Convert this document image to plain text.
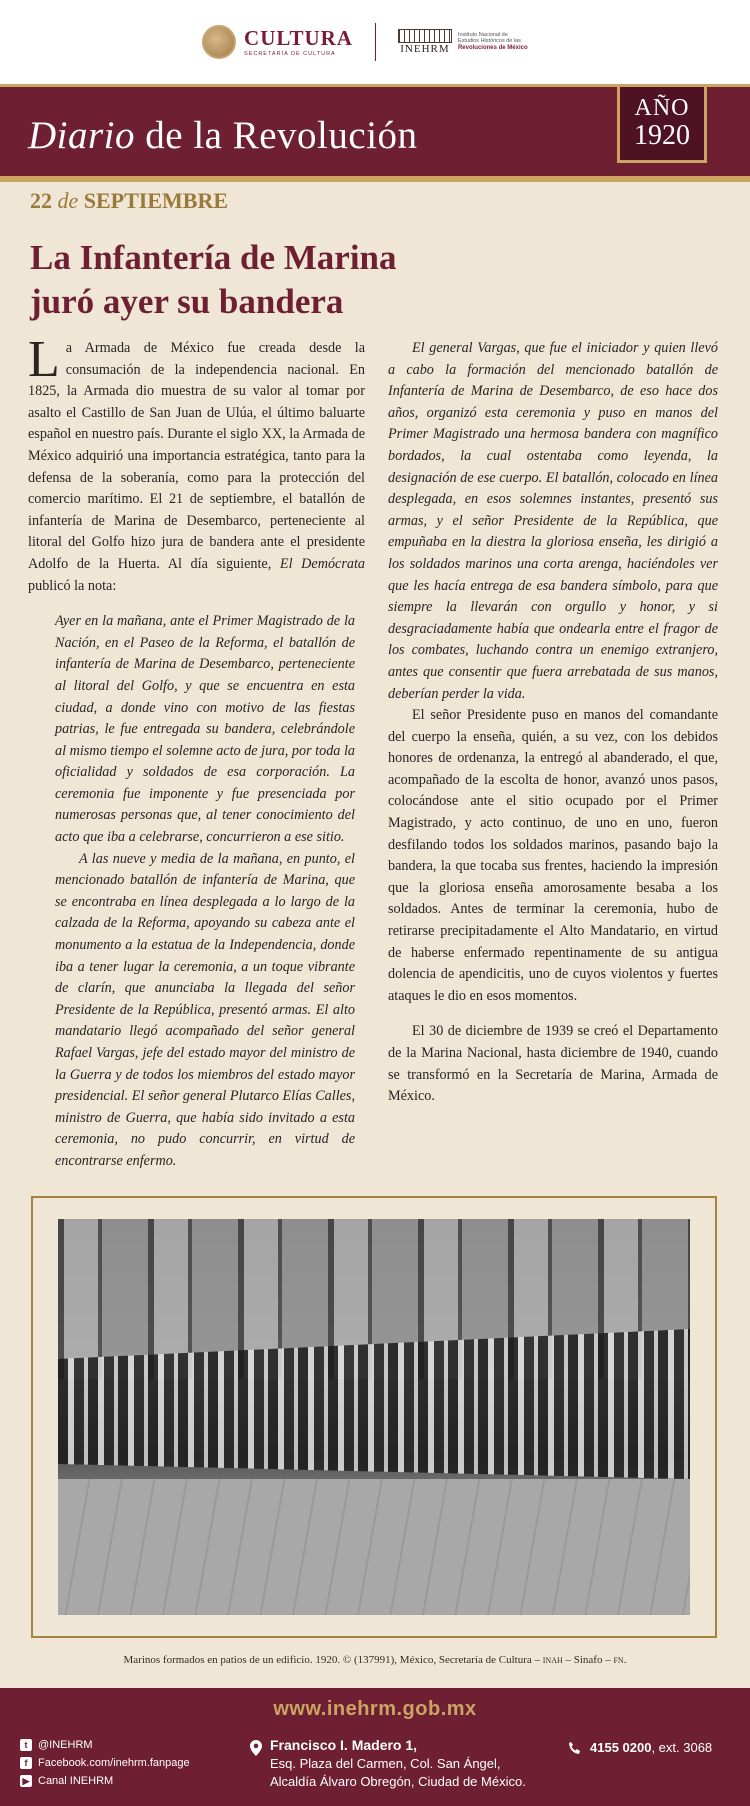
CULTURA
SECRETARÍA DE CULTURA	INEHRM
Instituto Nacional de
Estudios Históricos de las
Revoluciones de México
Diario de la Revolución
AÑO
1920
22 de SEPTIEMBRE
La Infantería de Marina
juró ayer su bandera

La Armada de México fue creada desde la consumación de la independencia nacional. En 1825, la Armada dio muestra de su valor al tomar por asalto el Castillo de San Juan de Ulúa, el último baluarte español en nuestro país. Durante el siglo XX, la Armada de México adquirió una importancia estratégica, tanto para la defensa de la soberanía, como para la protección del comercio marítimo. El 21 de septiembre, el batallón de infantería de Marina de Desembarco, perteneciente al litoral del Golfo hizo jura de bandera ante el presidente Adolfo de la Huerta. Al día siguiente, El Demócrata publicó la nota:

Ayer en la mañana, ante el Primer Magistrado de la Nación, en el Paseo de la Reforma, el batallón de infantería de Marina de Desembarco, perteneciente al litoral del Golfo, y que se encuentra en esta ciudad, a donde vino con motivo de las fiestas patrias, le fue entregada su bandera, celebrándole al mismo tiempo el solemne acto de jura, por toda la oficialidad y soldados de esa corporación. La ceremonia fue imponente y fue presenciada por numerosas personas que, al tener conocimiento del acto que iba a celebrarse, concurrieron a ese sitio.

A las nueve y media de la mañana, en punto, el mencionado batallón de infantería de Marina, que se encontraba en línea desplegada a lo largo de la calzada de la Reforma, apoyando su cabeza ante el monumento a la estatua de la Independencia, donde iba a tener lugar la ceremonia, a un toque vibrante de clarín, que anunciaba la llegada del señor Presidente de la República, presentó armas. El alto mandatario llegó acompañado del señor general Rafael Vargas, jefe del estado mayor del ministro de la Guerra y de todos los miembros del estado mayor presidencial. El señor general Plutarco Elías Calles, ministro de Guerra, que había sido invitado a esta ceremonia, no pudo concurrir, en virtud de encontrarse enfermo.

El general Vargas, que fue el iniciador y quien llevó a cabo la formación del mencionado batallón de Infantería de Marina de Desembarco, de eso hace dos años, organizó esta ceremonia y puso en manos del Primer Magistrado una hermosa bandera con magnífico bordados, la cual ostentaba como leyenda, la designación de ese cuerpo. El batallón, colocado en línea desplegada, en esos solemnes instantes, presentó sus armas, y el señor Presidente de la República, que empuñaba en la diestra la gloriosa enseña, les dirigió a los soldados marinos una corta arenga, haciéndoles ver que les hacía entrega de esa bandera símbolo, para que siempre la llevarán con orgullo y honor, y si desgraciadamente había que ondearla entre el fragor de los combates, luchando contra un enemigo extranjero, antes que consentir que fuera arrebatada de sus manos, deberían perder la vida.

El señor Presidente puso en manos del comandante del cuerpo la enseña, quién, a su vez, con los debidos honores de ordenanza, la entregó al abanderado, el que, acompañado de la escolta de honor, avanzó unos pasos, colocándose ante el sitio ocupado por el Primer Magistrado, y acto continuo, de uno en uno, fueron desfilando todos los soldados marinos, pasando bajo la bandera, la que tocaba sus frentes, haciendo la impresión que la gloriosa enseña amorosamente besaba a los soldados. Antes de terminar la ceremonia, hubo de retirarse precipitadamente el Alto Mandatario, en virtud de haberse enfermado repentinamente de su antigua dolencia de apendicitis, uno de cuyos violentos y fuertes ataques le dio en esos momentos.

El 30 de diciembre de 1939 se creó el Departamento de la Marina Nacional, hasta diciembre de 1940, cuando se transformó en la Secretaría de Marina, Armada de México.

Marinos formados en patios de un edificio. 1920. © (137991), México, Secretaría de Cultura – inah – Sinafo – fn.
www.inehrm.gob.mx
t @INEHRM
f Facebook.com/inehrm.fanpage
▶ Canal INEHRM
Francisco I. Madero 1,
Esq. Plaza del Carmen, Col. San Ángel,
Alcaldía Álvaro Obregón, Ciudad de México.
4155 0200, ext. 3068
